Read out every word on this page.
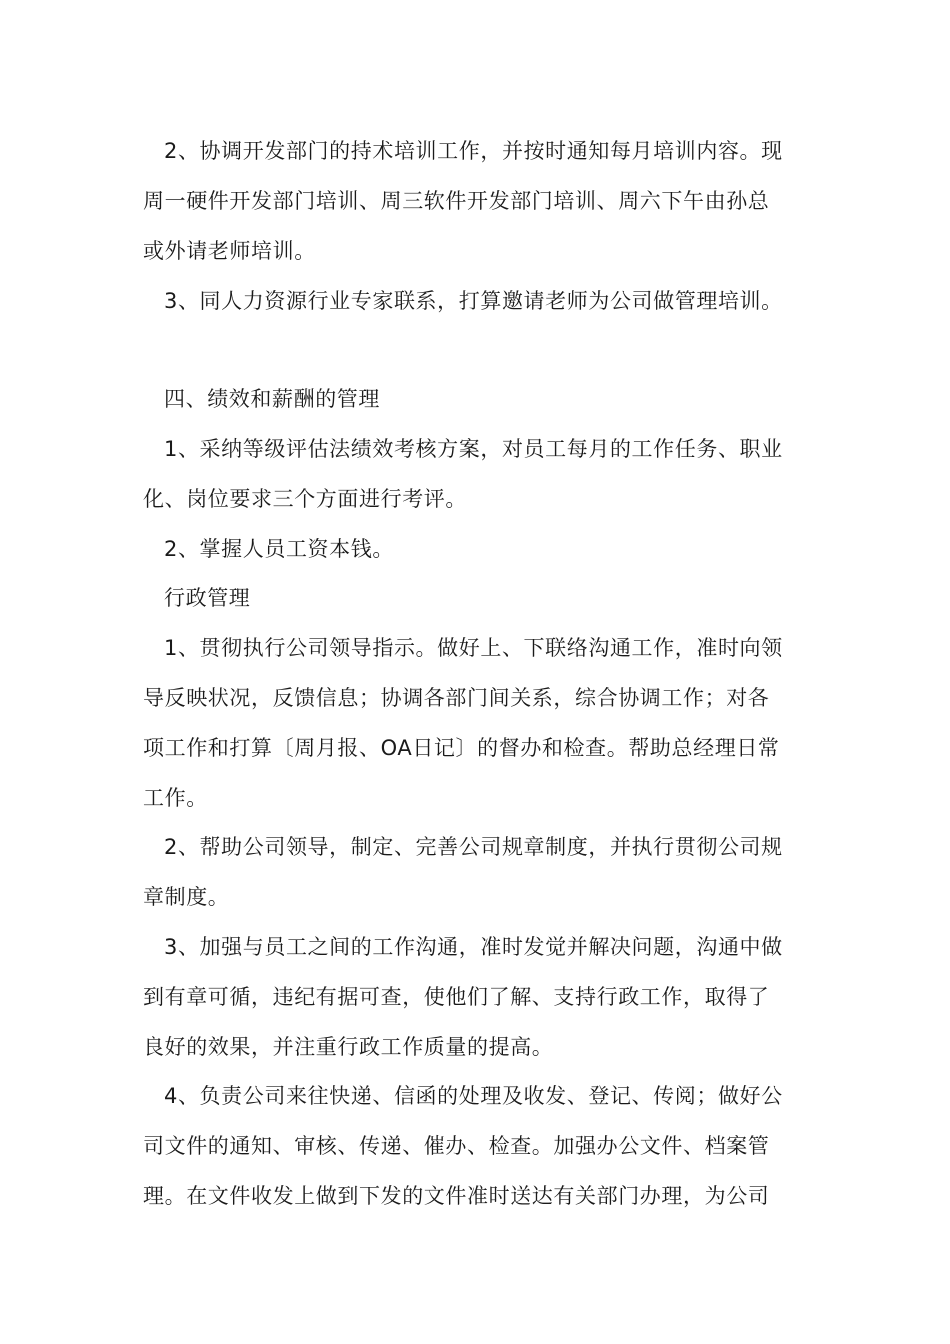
2、协调开发部门的持术培训工作，并按时通知每月培训内容。现
周一硬件开发部门培训、周三软件开发部门培训、周六下午由孙总
或外请老师培训。
3、同人力资源行业专家联系，打算邀请老师为公司做管理培训。
四、绩效和薪酬的管理
1、采纳等级评估法绩效考核方案，对员工每月的工作任务、职业
化、岗位要求三个方面进行考评。
2、掌握人员工资本钱。
行政管理
1、贯彻执行公司领导指示。做好上、下联络沟通工作，准时向领
导反映状况，反馈信息；协调各部门间关系，综合协调工作；对各
项工作和打算〔周月报、OA日记〕的督办和检查。帮助总经理日常
工作。
2、帮助公司领导，制定、完善公司规章制度，并执行贯彻公司规
章制度。
3、加强与员工之间的工作沟通，准时发觉并解决问题，沟通中做
到有章可循，违纪有据可查，使他们了解、支持行政工作，取得了
良好的效果，并注重行政工作质量的提高。
4、负责公司来往快递、信函的处理及收发、登记、传阅；做好公
司文件的通知、审核、传递、催办、检查。加强办公文件、档案管
理。在文件收发上做到下发的文件准时送达有关部门办理，为公司
